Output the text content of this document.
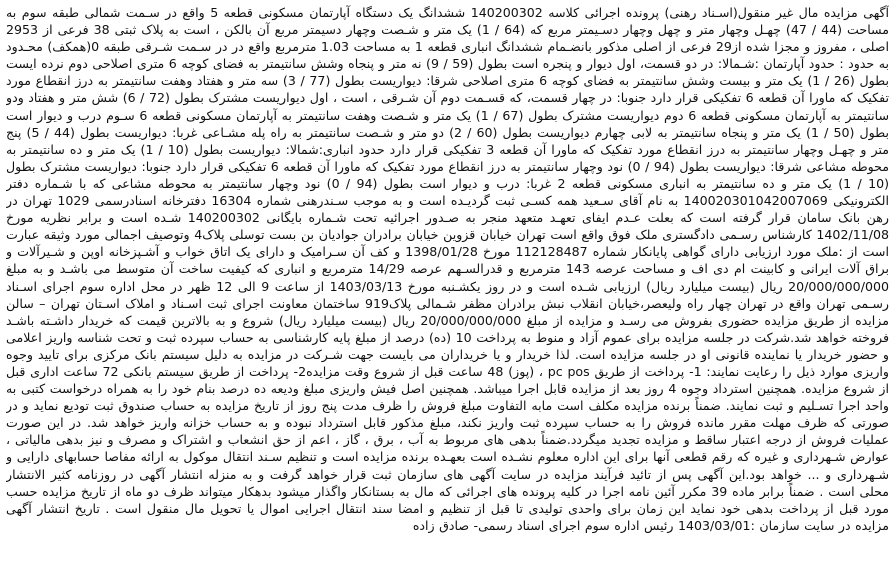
آگهی مزایده مال غیر منقول(اسـناد رهنی) پرونده اجرائی کلاسه 140200302 ششدانگ یک دستگاه آپارتمان مسکونی قطعه 5 واقع در سـمت شمالی طبقه سوم به مساحت (44 / 47) چهـل وچهار متر و چهل وچهار دسـیمتر مربع که (64 / 1) یک متر و شـصت وچهار دسیمتر مربع آن بالکن ، است به پلاک ثبتی 38 فرعی از 2953 اصلی ، مفروز و مجزا شده از29 فرعی از اصلی مذکور بانضـمام ششدانگ انباری قطعه 1 به مساحت 1.03 مترمربع واقع در در سـمت شـرقی طبقه 0(همکف) محـدود به حدود : حدود آپارتمان :شـمالا: در دو قسمت، اول دیوار و پنجره است بطول (59 / 9) نه متر و پنجاه وشش سانتیمتر به فضای کوچه 6 متری اصلاحی دوم نرده ایست بطول (26 / 1) یک متر و بیست وشش سانتیمتر به فضای کوچه 6 متری اصلاحی شرقا: دیواریست بطول (77 / 3) سه متر و هفتاد وهفت سانتیمتر به درز انقطاع مورد تفکیک که ماورا آن قطعه 6 تفکیکی قرار دارد جنوبا: در چهار قسمت، که قسـمت دوم آن شـرقی ، است ، اول دیواریست مشترک بطول (72 / 6) شش متر و هفتاد ودو سانتیمتر به آپارتمان مسکونی قطعه 6 دوم دیواریست مشترک بطول (67 / 1) یک متر و شـصت وهفت سانتیمتر به آپارتمان مسکونی قطعه 6 سـوم درب و دیوار است بطول (50 / 1) یک متر و پنجاه سانتیمتر به لابی چهارم دیواریست بطول (60 / 2) دو متر و شـصت سانتیمتر به راه پله مشـاعی غربا: دیواریست بطول (44 / 5) پنج متر و چهـل وچهار سانتیمتر به درز انقطاع مورد تفکیک که ماورا آن قطعه 3 تفکیکی قرار دارد حدود انباری:شمالا: دیواریست بطول (10 / 1) یک متر و ده سانتیمتر به محوطه مشاعی شرقا: دیواریست بطول (94 / 0) نود وچهار سانتیمتر به درز انقطاع مورد تفکیک که ماورا آن قطعه 6 تفکیکی قرار دارد جنوبا: دیواریست مشترک بطول (10 / 1) یک متر و ده سانتیمتر به انباری مسکونی قطعه 2 غربا: درب و دیوار است بطول (94 / 0) نود وچهار سانتیمتر به محوطه مشاعی که با شـماره دفتر الکترونیکی 140020301042007069 به نام آقای سـعید همه کسـی ثبت گردیـده است و به موجب سـندرهنی شماره 16304 دفترخانه اسنادرسمی 1029 تهران در رهن بانک سامان قرار گرفته است که بعلت عـدم ایفای تعهـد متعهد منجر به صـدور اجرائیه تحت شـماره بایگانی 140200302 شـده است و برابر نظریه مورخ 1402/11/08 کارشناس رسـمی دادگستری ملک فوق واقع است تهران خیابان قزوین خیابان برادران جوادیان بن بست توسلی پلاک4 وتوصیف اجمالی مورد وثیقه عبارت است از :ملک مورد ارزیابی دارای گواهی پایانکار شماره 112128487 مورخ 1398/01/28 و کف آن سـرامیک و دارای یک اتاق خواب و آشـپزخانه اوپن و شـیرآلات و براق آلات ایرانی و کابینت ام دی اف و مساحت عرصه 143 مترمربع و قدرالسـهم عرصه 14/29 مترمربع و انباری که کیفیت ساخت آن متوسط می باشـد و به مبلغ 20/000/000/000 ریال (بیست میلیارد ریال) ارزیابی شـده است و در روز یکشـنبه مورخ 1403/03/13 از ساعت 9 الی 12 ظهر در محل اداره سوم اجرای اسـناد رسـمی تهران واقع در تهران چهار راه ولیعصر،خیابان انقلاب نبش برادران مظفر شـمالی پلاک919 ساختمان معاونت اجرای ثبت اسـناد و املاک اسـتان تهران – سالن مزایده از طریق مزایده حضوری بفروش می رسـد و مزایده از مبلغ 20/000/000/000 ریال (بیست میلیارد ریال) شروع و به بالاترین قیمت که خریدار داشـته باشـد فروخته خواهد شد.شرکت در جلسه مزایده برای عموم آزاد و منوط به پرداخت 10 (ده) درصد از مبلغ پایه کارشناسی به حساب سپرده ثبت و تحت شناسه واریز اعلامی و حضور خریدار یا نماینده قانونی او در جلسه مزایده است. لذا خریدار و یا خریداران می بایست جهت شـرکت در مزایده به دلیل سیستم بانک مرکزی برای تایید وجوه واریزی موارد ذیل را رعایت نمایند: 1- پرداخت از طریق pc pos ، (پوز) 48 ساعت قبل از شروع وقت مزایده2- پرداخت از طریق سیستم بانکی 72 ساعت اداری قبل از شروع مزایده. همچنین استرداد وجوه 4 روز بعد از مزایده قابل اجرا میباشد. همچنین اصل فیش واریزی مبلغ ودیعه ده درصد بنام خود را به همراه درخواست کتبی به واحد اجرا تسـلیم و ثبت نمایند. ضمناً برنده مزایده مکلف است مابه التفاوت مبلغ فروش را ظرف مدت پنج روز از تاریخ مزایده به حساب صندوق ثبت تودیع نماید و در صورتی که ظرف مهلت مقرر مانده فروش را به حساب سپرده ثبت واریز نکند، مبلغ مذکور قابل استرداد نبوده و به حساب خزانه واریز خواهد شد. در این صورت عملیات فروش از درجه اعتبار ساقط و مزایده تجدید میگردد.ضمناً بدهی های مربوط به آب ، برق ، گاز ، اعم از حق انشعاب و اشتراک و مصرف و نیز بدهی مالیاتی ، عوارض شـهرداری و غیره که رقم قطعی آنها برای این اداره معلوم نشـده است بعهـده برنده مزایده است و تنظیم سـند انتقال موکول به ارائه مفاصا حسابهای دارایی و شـهرداری و ... خواهد بود.این آگهی پس از تائید فرآیند مزایده در سایت آگهی های سازمان ثبت قرار خواهد گرفت و به منزله انتشار آگهی در روزنامه کثیر الانتشار محلی است . ضمناً برابر ماده 39 مکرر آئین نامه اجرا در کلیه پرونده های اجرائی که مال به بستانکار واگذار میشود بدهکار میتواند ظرف دو ماه از تاریخ مزایده حسب مورد قبل از پرداخت بدهی خود نماید این زمان برای واحدی تولیدی تا قبل از تنظیم و امضا سند انتقال اجرایی اموال یا تحویل مال منقول است . تاریخ انتشار آگهی مزایده در سایت سازمان :1403/03/01 رئیس اداره سوم اجرای اسناد رسمی- صادق زاده
